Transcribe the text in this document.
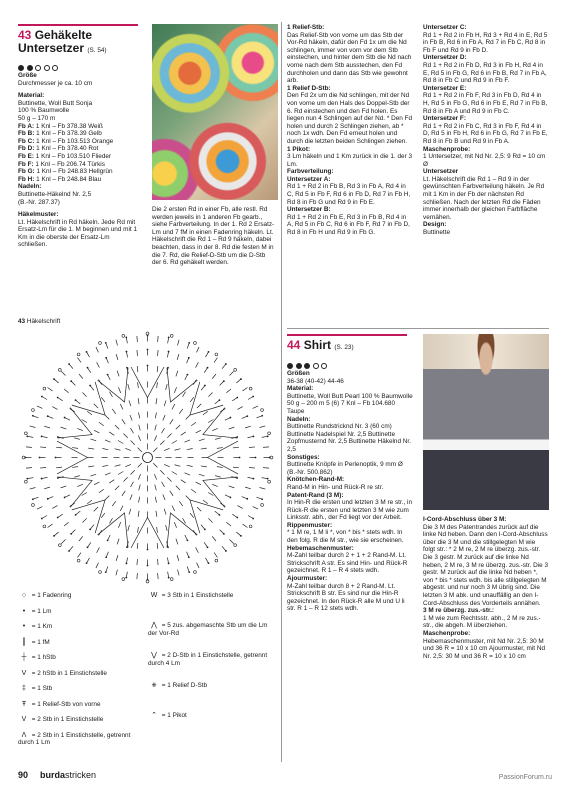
43 Gehäkelte
Untersetzer (S. 54)

Größe

Durchmesser je ca. 10 cm

Material:

Buttinette, Woll Butt Sonja

100 % Baumwolle

50 g – 170 m

Fb A: 1 Knl – Fb 378.38 Weiß

Fb B: 1 Knl – Fb 378.39 Gelb

Fb C: 1 Knl – Fb 103.513 Orange

Fb D: 1 Knl – Fb 378.40 Rot

Fb E: 1 Knl – Fb 103.510 Flieder

Fb F: 1 Knl – Fb 206.74 Türkis

Fb G: 1 Knl – Fb 248.83 Hellgrün

Fb H: 1 Knl – Fb 248.84 Blau

Nadeln:

Buttinette-Häkelnd Nr. 2,5

(B.-Nr. 287.37)

Häkelmuster:

Lt. Häkelschrift in Rd häkeln. Jede Rd mit Ersatz-Lm für die 1. M beginnen und mit 1 Km in die oberste der Ersatz-Lm schließen.

Die 2 ersten Rd in einer Fb, alle restl. Rd werden jeweils in 1 anderen Fb gearb., siehe Farbverteilung. In der 1. Rd 2 Ersatz-Lm und 7 fM in einen Fadenring häkeln. Lt. Häkelschrift die Rd 1 – Rd 9 häkeln, dabei beachten, dass in der 8. Rd die festen M in die 7. Rd, die Relief-D-Stb um die D-Stb der 6. Rd gehäkelt werden.

1 Relief-Stb:
Das Relief-Stb von vorne um das Stb der Vor-Rd häkeln, dafür den Fd 1x um die Nd schlingen, immer von vorn vor dem Stb einstechen, und hinter dem Stb die Nd nach vorne nach dem Stb ausstechen, den Fd durchholen und dann das Stb wie gewohnt arb.

1 Relief D-Stb:
Den Fd 2x um die Nd schlingen, mit der Nd von vorne um den Hals des Doppel-Stb der 6. Rd einstechen und den Fd holen. Es liegen nun 4 Schlingen auf der Nd. * Den Fd holen und durch 2 Schlingen ziehen, ab * noch 1x wdh. Den Fd erneut holen und durch die letzten beiden Schlingen ziehen.

1 Pikot:
3 Lm häkeln und 1 Km zurück in die 1. der 3 Lm.

Farbverteilung:

Untersetzer A:
Rd 1 + Rd 2 in Fb B, Rd 3 in Fb A, Rd 4 in C, Rd 5 in Fb F, Rd 6 in Fb D, Rd 7 in Fb H, Rd 8 in Fb G und Rd 9 in Fb E.

Untersetzer B:
Rd 1 + Rd 2 in Fb E, Rd 3 in Fb B, Rd 4 in A, Rd 5 in Fb C, Rd 6 in Fb F, Rd 7 in Fb D, Rd 8 in Fb H und Rd 9 in Fb G.

Untersetzer C:
Rd 1 + Rd 2 in Fb H, Rd 3 + Rd 4 in E, Rd 5 in Fb B, Rd 6 in Fb A, Rd 7 in Fb C, Rd 8 in Fb F und Rd 9 in Fb D.

Untersetzer D:
Rd 1 + Rd 2 in Fb D, Rd 3 in Fb H, Rd 4 in E, Rd 5 in Fb G, Rd 6 in Fb B, Rd 7 in Fb A, Rd 8 in Fb C und Rd 9 in Fb F.

Untersetzer E:
Rd 1 + Rd 2 in Fb F, Rd 3 in Fb D, Rd 4 in H, Rd 5 in Fb G, Rd 6 in Fb E, Rd 7 in Fb B, Rd 8 in Fb A und Rd 9 in Fb C.

Untersetzer F:
Rd 1 + Rd 2 in Fb C, Rd 3 in Fb F, Rd 4 in D, Rd 5 in Fb H, Rd 6 in Fb G, Rd 7 in Fb E, Rd 8 in Fb B und Rd 9 in Fb A.

Maschenprobe:
1 Untersetzer, mit Nd Nr. 2,5: 9 Rd = 10 cm Ø

Untersetzer
Lt. Häkelschrift die Rd 1 – Rd 9 in der gewünschten Farbverteilung häkeln. Je Rd mit 1 Km in der Fb der nächsten Rd schließen. Nach der letzten Rd die Fäden immer innerhalb der gleichen Farbfläche vernähen.

Design:
Buttinette

43 Häkelschrift
○ = 1 Fadenring
• = 1 Lm
• = 1 Km
┃ = 1 fM
┼ = 1 hStb
V = 2 hStb in 1 Einstichstelle
‡ = 1 Stb
Ŧ = 1 Relief-Stb von vorne
V = 2 Stb in 1 Einstichstelle
Λ = 2 Stb in 1 Einstichstelle, getrennt durch 1 Lm
W = 3 Stb in 1 Einstichstelle
⋀ = 5 zus. abgemaschte Stb um die Lm der Vor-Rd
⋁ = 2 D-Stb in 1 Einstichstelle, getrennt durch 4 Lm
⧺ = 1 Relief D-Stb
⌃ = 1 Pikot
44 Shirt (S. 23)

Größen
36-38 (40-42) 44-46

Material:
Buttinette, Woll Butt Pearl 100 % Baumwolle 50 g – 200 m 5 (6) 7 Knl – Fb 104.680 Taupe

Nadeln:
Buttinette Rundstricknd Nr. 3 (60 cm) Buttinette Nadelspiel Nr. 2,5 Buttinette Zopfmusternd Nr. 2,5 Buttinette Häkelnd Nr. 2,5

Sonstiges:
Buttinette Knöpfe in Perlenoptik, 9 mm Ø (B.-Nr. 500.862)

Knötchen-Rand-M:
Rand-M in Hin- und Rück-R re str.

Patent-Rand (3 M):
In Hin-R die ersten und letzten 3 M re str., in Rück-R die ersten und letzten 3 M wie zum Linksstr. abh., der Fd liegt vor der Arbeit.

Rippenmuster:
* 1 M re, 1 M li *, von * bis * stets wdh. In den folg. R die M str., wie sie erscheinen.

Hebemaschenmuster:
M-Zahl teilbar durch 2 + 1 + 2 Rand-M. Lt. Strickschrift A str. Es sind Hin- und Rück-R gezeichnet. R 1 – R 4 stets wdh.

Ajourmuster:
M-Zahl teilbar durch 8 + 2 Rand-M. Lt. Strickschrift B str. Es sind nur die Hin-R gezeichnet. In den Rück-R alle M und U li str. R 1 – R 12 stets wdh.

I-Cord-Abschluss über 3 M:
Die 3 M des Patentrandes zurück auf die linke Nd heben. Dann den I-Cord-Abschluss über die 3 M und die stillgelegten M wie folgt str.: * 2 M re, 2 M re überzg. zus.-str. Die 3 gestr. M zurück auf die linke Nd heben, 2 M re, 3 M re überzg. zus.-str. Die 3 gestr. M zurück auf die linke Nd heben *, von * bis * stets wdh. bis alle stillgelegten M abgestr. und nur noch 3 M übrig sind. Die letzten 3 M abk. und unauffällig an den I-Cord-Abschluss des Vorderteils annähen.

3 M re überzg. zus.-str.:
1 M wie zum Rechtsstr. abh., 2 M re zus.-str., die abgeh. M überziehen.

Maschenprobe:
Hebemaschenmuster, mit Nd Nr. 2,5: 30 M und 36 R = 10 x 10 cm Ajourmuster, mit Nd Nr. 2,5: 30 M und 36 R = 10 x 10 cm

90 burdastricken	PassionForum.ru
